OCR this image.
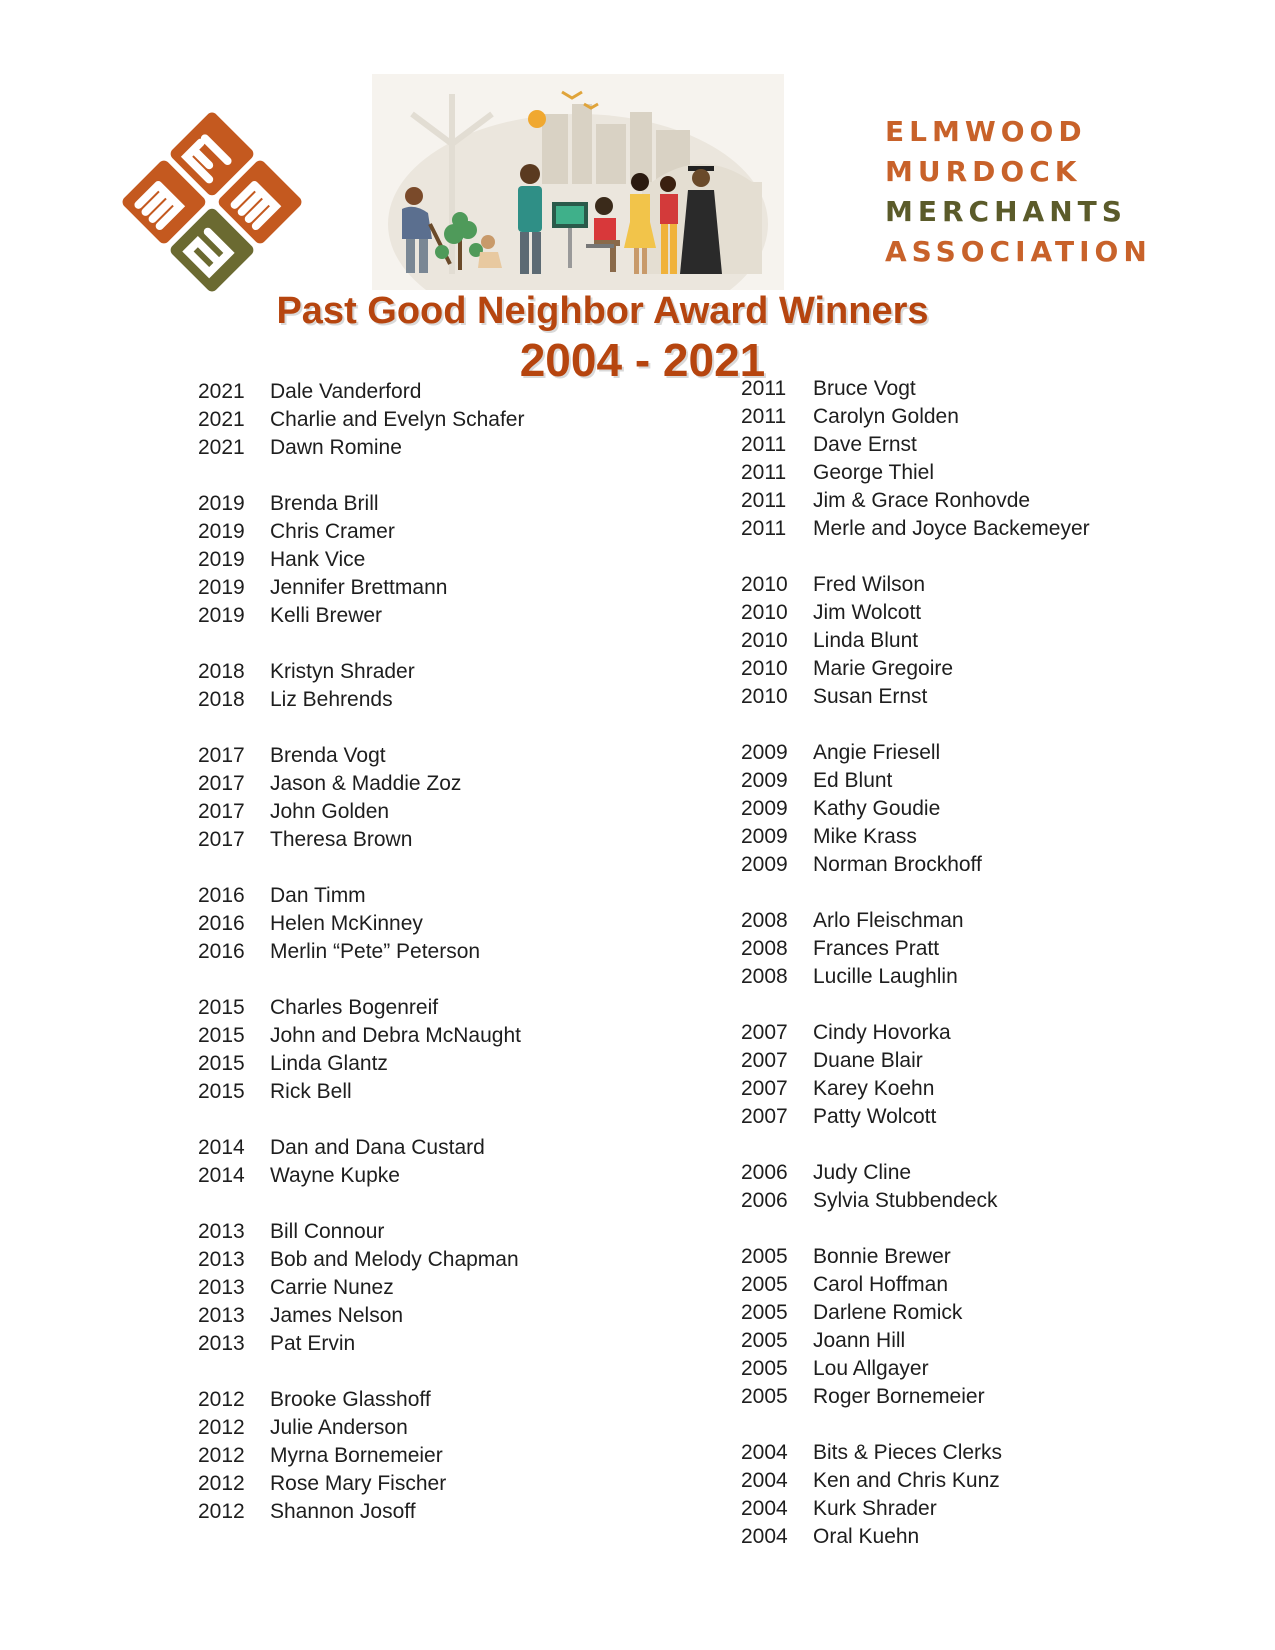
ELMWOOD
MURDOCK
MERCHANTS
ASSOCIATION
Past Good Neighbor Award Winners
2004 - 2021
2021 Dale Vanderford
2021 Charlie and Evelyn Schafer
2021 Dawn Romine
2019 Brenda Brill
2019 Chris Cramer
2019 Hank Vice
2019 Jennifer Brettmann
2019 Kelli Brewer
2018 Kristyn Shrader
2018 Liz Behrends
2017 Brenda Vogt
2017 Jason & Maddie Zoz
2017 John Golden
2017 Theresa Brown
2016 Dan Timm
2016 Helen McKinney
2016 Merlin “Pete” Peterson
2015 Charles Bogenreif
2015 John and Debra McNaught
2015 Linda Glantz
2015 Rick Bell
2014 Dan and Dana Custard
2014 Wayne Kupke
2013 Bill Connour
2013 Bob and Melody Chapman
2013 Carrie Nunez
2013 James Nelson
2013 Pat Ervin
2012 Brooke Glasshoff
2012 Julie Anderson
2012 Myrna Bornemeier
2012 Rose Mary Fischer
2012 Shannon Josoff
2011 Bruce Vogt
2011 Carolyn Golden
2011 Dave Ernst
2011 George Thiel
2011 Jim & Grace Ronhovde
2011 Merle and Joyce Backemeyer
2010 Fred Wilson
2010 Jim Wolcott
2010 Linda Blunt
2010 Marie Gregoire
2010 Susan Ernst
2009 Angie Friesell
2009 Ed Blunt
2009 Kathy Goudie
2009 Mike Krass
2009 Norman Brockhoff
2008 Arlo Fleischman
2008 Frances Pratt
2008 Lucille Laughlin
2007 Cindy Hovorka
2007 Duane Blair
2007 Karey Koehn
2007 Patty Wolcott
2006 Judy Cline
2006 Sylvia Stubbendeck
2005 Bonnie Brewer
2005 Carol Hoffman
2005 Darlene Romick
2005 Joann Hill
2005 Lou Allgayer
2005 Roger Bornemeier
2004 Bits & Pieces Clerks
2004 Ken and Chris Kunz
2004 Kurk Shrader
2004 Oral Kuehn
